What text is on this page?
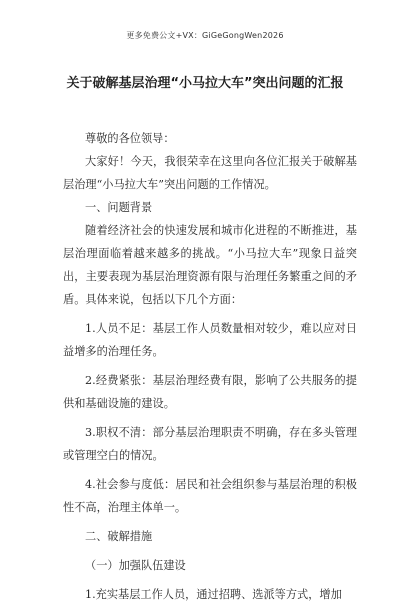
更多免费公文+VX：GiGeGongWen2026
关于破解基层治理“小马拉大车”突出问题的汇报

尊敬的各位领导：

大家好！今天，我很荣幸在这里向各位汇报关于破解基层治理“小马拉大车”突出问题的工作情况。

一、问题背景

随着经济社会的快速发展和城市化进程的不断推进，基层治理面临着越来越多的挑战。“小马拉大车”现象日益突出，主要表现为基层治理资源有限与治理任务繁重之间的矛盾。具体来说，包括以下几个方面：

1.人员不足：基层工作人员数量相对较少，难以应对日益增多的治理任务。

2.经费紧张：基层治理经费有限，影响了公共服务的提供和基础设施的建设。

3.职权不清：部分基层治理职责不明确，存在多头管理或管理空白的情况。

4.社会参与度低：居民和社会组织参与基层治理的积极性不高，治理主体单一。

二、破解措施

（一）加强队伍建设

1.充实基层工作人员，通过招聘、选派等方式，增加
